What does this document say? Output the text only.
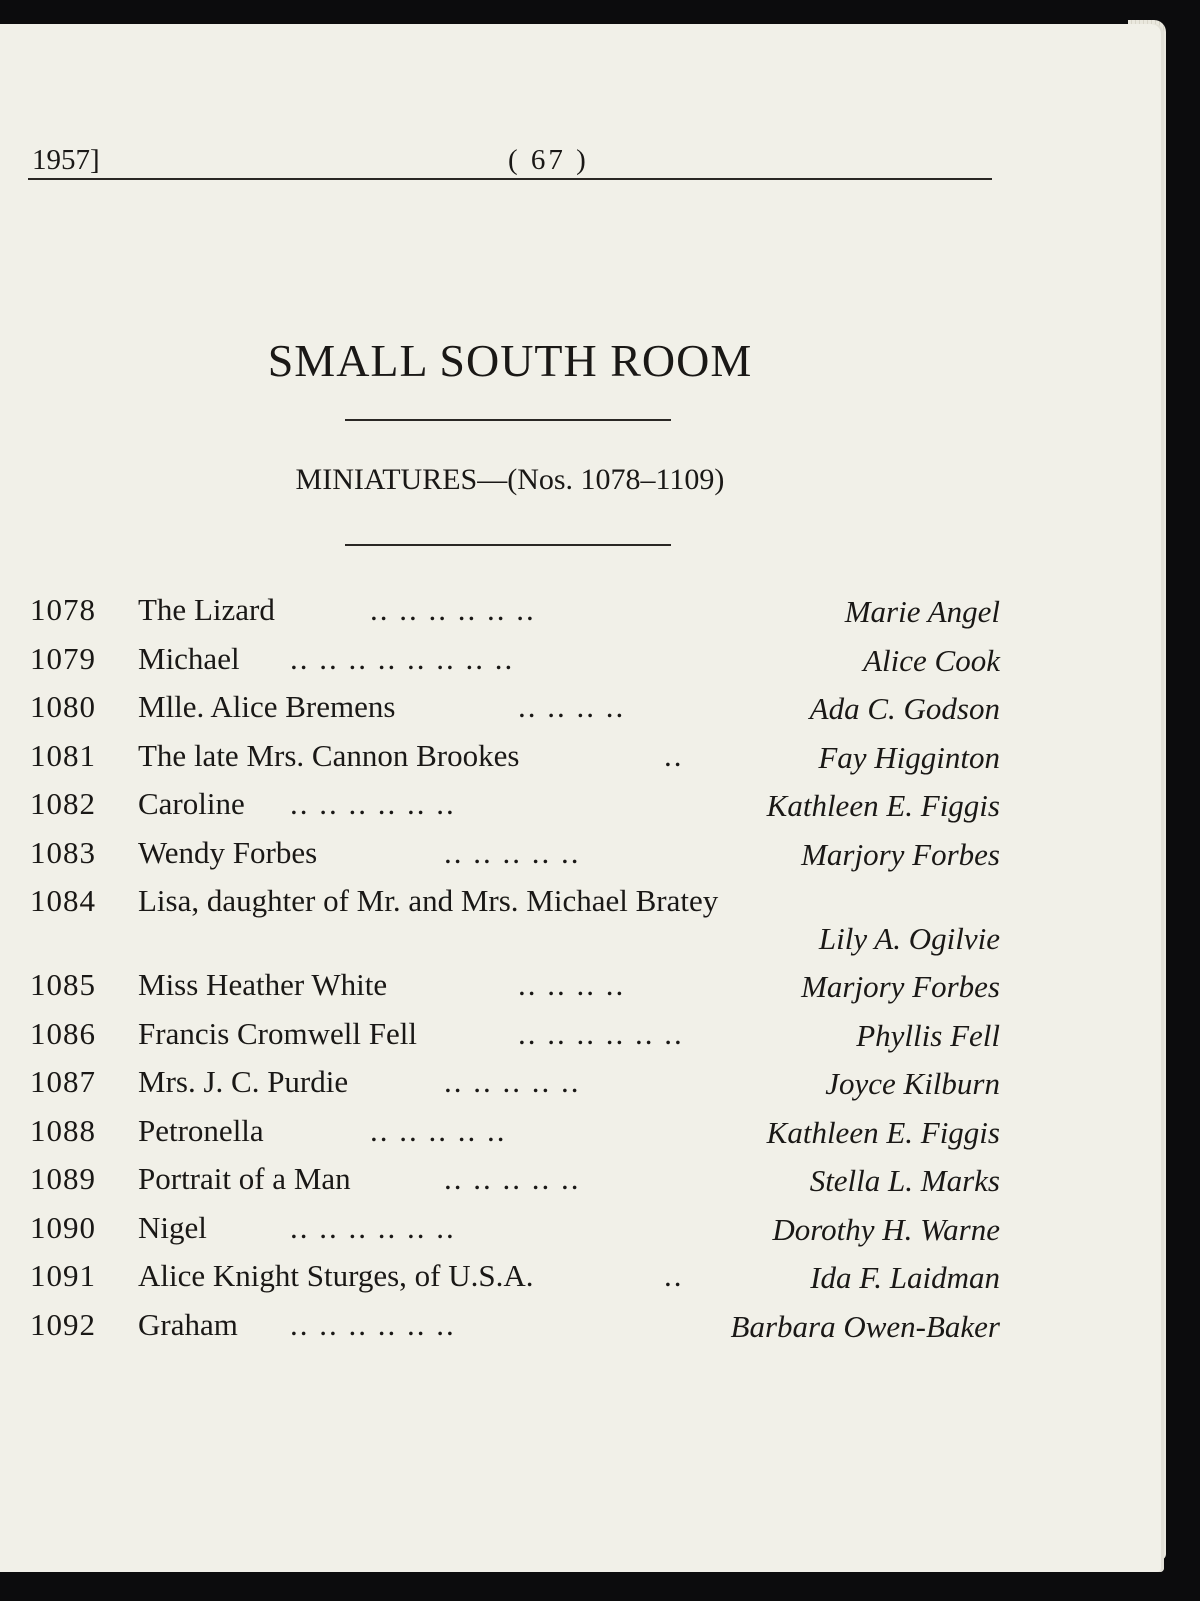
1957]	( 67 )
SMALL SOUTH ROOM
MINIATURES—(Nos. 1078–1109)
1078 The Lizard	.. .. .. .. .. ..	Marie Angel
1079 Michael .. .. .. .. .. .. .. ..	Alice Cook
1080 Mlle. Alice Bremens	.. .. .. ..	Ada C. Godson
1081 The late Mrs. Cannon Brookes	..	Fay Higginton
1082 Caroline .. .. .. .. .. ..	Kathleen E. Figgis
1083 Wendy Forbes	.. .. .. .. ..	Marjory Forbes
1084 Lisa, daughter of Mr. and Mrs. Michael Bratey
Lily A. Ogilvie
1085 Miss Heather White	.. .. .. ..	Marjory Forbes
1086 Francis Cromwell Fell	.. .. .. .. .. ..	Phyllis Fell
1087 Mrs. J. C. Purdie	.. .. .. .. ..	Joyce Kilburn
1088 Petronella	.. .. .. .. ..	Kathleen E. Figgis
1089 Portrait of a Man	.. .. .. .. ..	Stella L. Marks
1090 Nigel	.. .. .. .. .. ..	Dorothy H. Warne
1091 Alice Knight Sturges, of U.S.A.	..	Ida F. Laidman
1092 Graham .. .. .. .. .. ..	Barbara Owen-Baker
